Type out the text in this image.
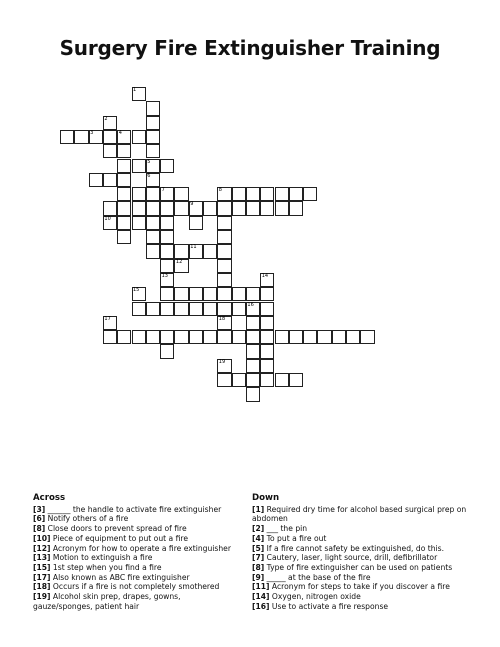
Surgery Fire Extinguisher Training
1
2
3	4
5
6
7	8
9
10
11
12
13	14
15
16
17	18
19
Across
[3] ______ the handle to activate fire extinguisher
[6] Notify others of a fire
[8] Close doors to prevent spread of fire
[10] Piece of equipment to put out a fire
[12] Acronym for how to operate a fire extinguisher
[13] Motion to extinguish a fire
[15] 1st step when you find a fire
[17] Also known as ABC fire extinguisher
[18] Occurs if a fire is not completely smothered
[19] Alcohol skin prep, drapes, gowns, gauze/sponges, patient hair
Down
[1] Required dry time for alcohol based surgical prep on abdomen
[2] ___ the pin
[4] To put a fire out
[5] If a fire cannot safety be extinguished, do this.
[7] Cautery, laser, light source, drill, defibrillator
[8] Type of fire extinguisher can be used on patients
[9] _____ at the base of the fire
[11] Acronym for steps to take if you discover a fire
[14] Oxygen, nitrogen oxide
[16] Use to activate a fire response
